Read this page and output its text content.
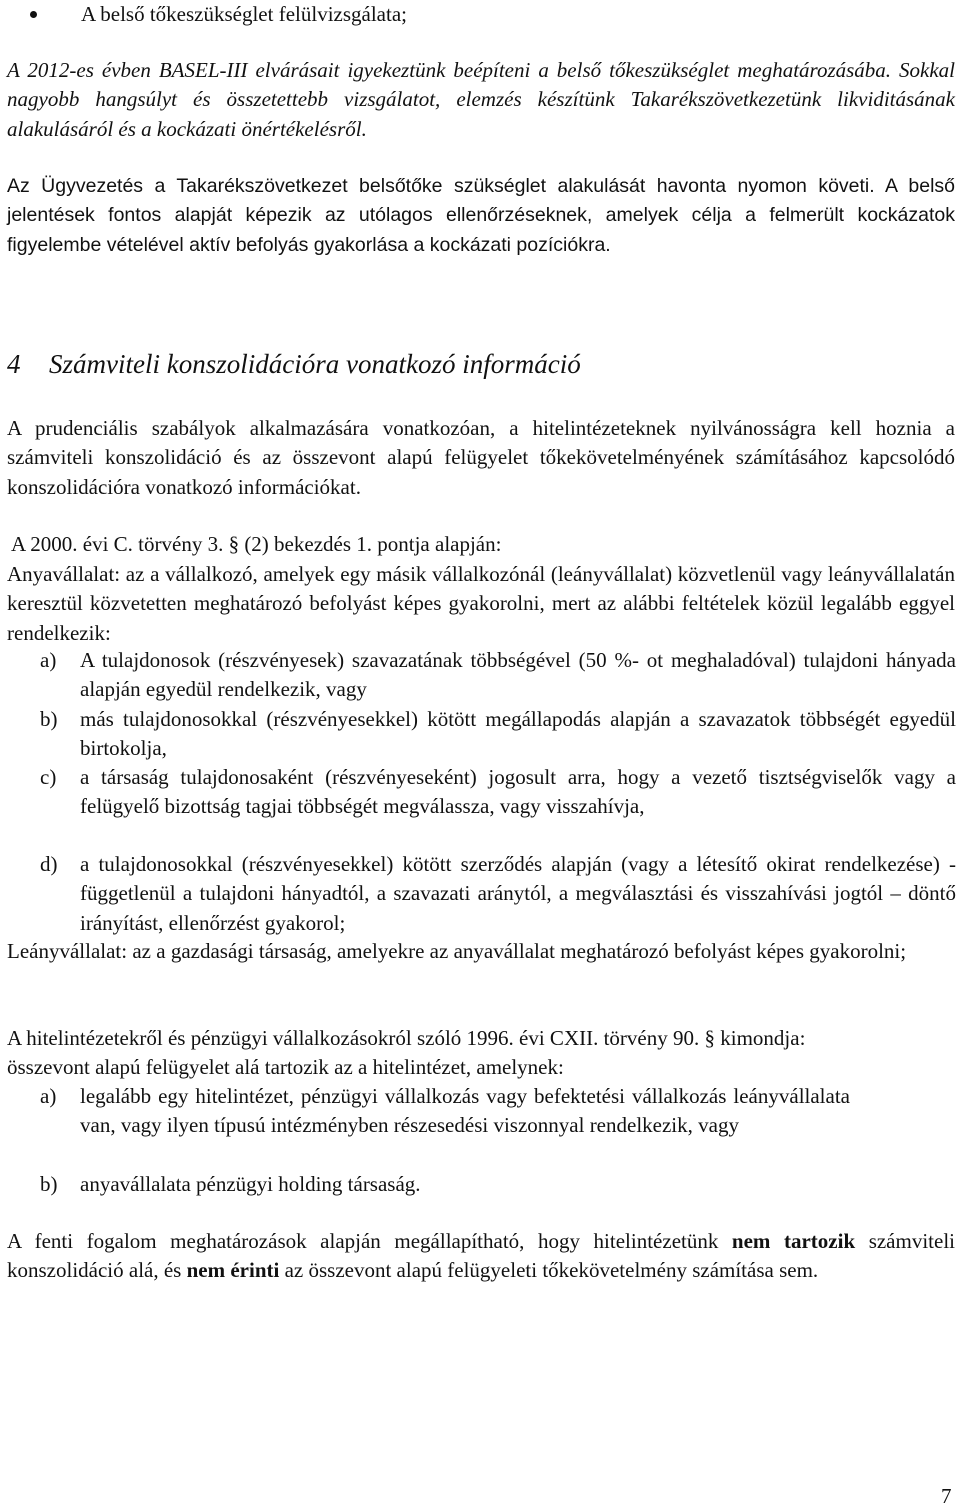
A belső tőkeszükséglet felülvizsgálata;

A 2012-es évben BASEL-III elvárásait igyekeztünk beépíteni a belső tőkeszükséglet meghatározásába. Sokkal nagyobb hangsúlyt és összetettebb vizsgálatot, elemzés készítünk Takarékszövetkezetünk likviditásának alakulásáról és a kockázati önértékelésről.

Az Ügyvezetés a Takarékszövetkezet belsőtőke szükséglet alakulását havonta nyomon követi. A belső jelentések fontos alapját képezik az utólagos ellenőrzéseknek, amelyek célja a felmerült kockázatok figyelembe vételével aktív befolyás gyakorlása a kockázati pozíciókra.

4 Számviteli konszolidációra vonatkozó információ

A prudenciális szabályok alkalmazására vonatkozóan, a hitelintézeteknek nyilvánosságra kell hoznia a számviteli konszolidáció és az összevont alapú felügyelet tőkekövetelményének számításához kapcsolódó konszolidációra vonatkozó információkat.

A 2000. évi C. törvény 3. § (2) bekezdés 1. pontja alapján:

Anyavállalat: az a vállalkozó, amelyek egy másik vállalkozónál (leányvállalat) közvetlenül vagy leányvállalatán keresztül közvetetten meghatározó befolyást képes gyakorolni, mert az alábbi feltételek közül legalább eggyel rendelkezik:

a) A tulajdonosok (részvényesek) szavazatának többségével (50 %- ot meghaladóval) tulajdoni hányada alapján egyedül rendelkezik, vagy
b) más tulajdonosokkal (részvényesekkel) kötött megállapodás alapján a szavazatok többségét egyedül birtokolja,
c) a társaság tulajdonosaként (részvényeseként) jogosult arra, hogy a vezető tisztségviselők vagy a felügyelő bizottság tagjai többségét megválassza, vagy visszahívja,
d) a tulajdonosokkal (részvényesekkel) kötött szerződés alapján (vagy a létesítő okirat rendelkezése) - függetlenül a tulajdoni hányadtól, a szavazati aránytól, a megválasztási és visszahívási jogtól – döntő irányítást, ellenőrzést gyakorol;

Leányvállalat: az a gazdasági társaság, amelyekre az anyavállalat meghatározó befolyást képes gyakorolni;

A hitelintézetekről és pénzügyi vállalkozásokról szóló 1996. évi CXII. törvény 90. § kimondja: összevont alapú felügyelet alá tartozik az a hitelintézet, amelynek:

a) legalább egy hitelintézet, pénzügyi vállalkozás vagy befektetési vállalkozás leányvállalata van, vagy ilyen típusú intézményben részesedési viszonnyal rendelkezik, vagy
b) anyavállalata pénzügyi holding társaság.

A fenti fogalom meghatározások alapján megállapítható, hogy hitelintézetünk nem tartozik számviteli konszolidáció alá, és nem érinti az összevont alapú felügyeleti tőkekövetelmény számítása sem.

7
